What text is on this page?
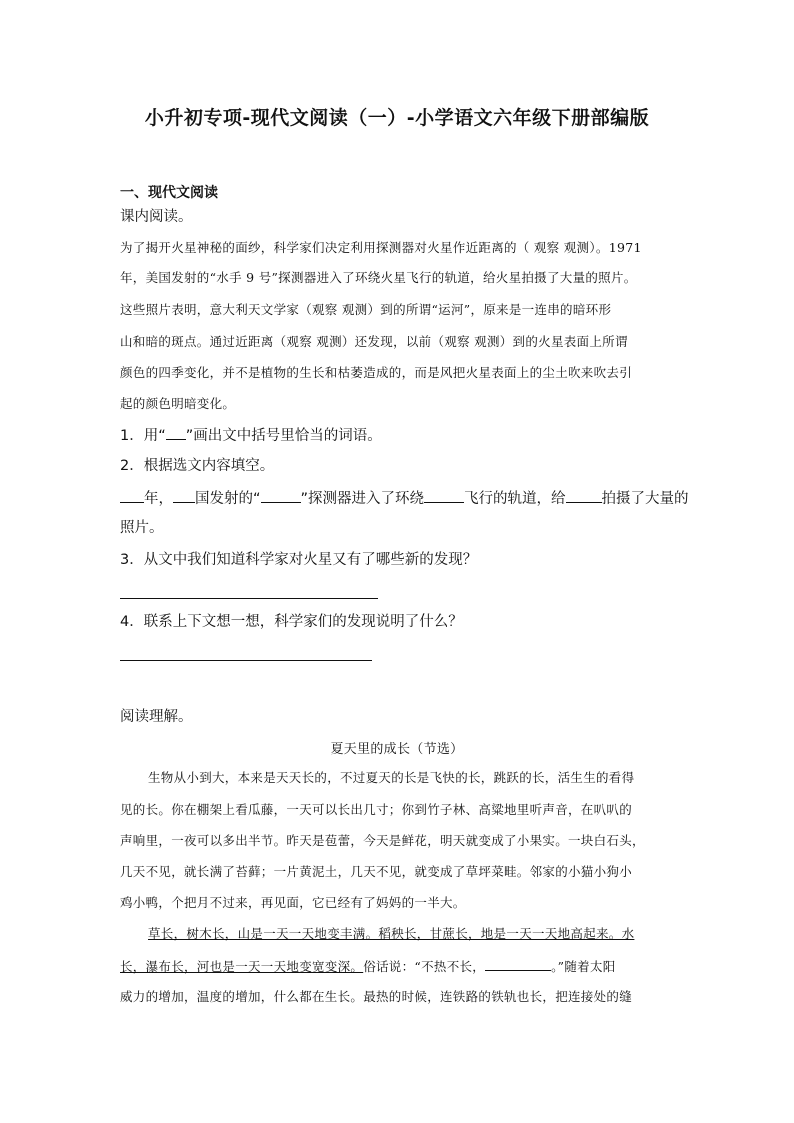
小升初专项-现代文阅读（一）-小学语文六年级下册部编版
一、现代文阅读
课内阅读。
为了揭开火星神秘的面纱，科学家们决定利用探测器对火星作近距离的（ 观察 观测）。1971
年，美国发射的“水手 9 号”探测器进入了环绕火星飞行的轨道，给火星拍摄了大量的照片。
这些照片表明，意大利天文学家（观察 观测）到的所谓“运河”，原来是一连串的暗环形
山和暗的斑点。通过近距离（观察 观测）还发现，以前（观察 观测）到的火星表面上所谓
颜色的四季变化，并不是植物的生长和枯萎造成的，而是风把火星表面上的尘土吹来吹去引
起的颜色明暗变化。
1．用“ ”画出文中括号里恰当的词语。
2．根据选文内容填空。
年， 国发射的“	”探测器进入了环绕	飞行的轨道，给 拍摄了大量的
照片。
3．从文中我们知道科学家对火星又有了哪些新的发现？
4．联系上下文想一想，科学家们的发现说明了什么？
阅读理解。
夏天里的成长（节选）
生物从小到大，本来是天天长的，不过夏天的长是飞快的长，跳跃的长，活生生的看得
见的长。你在棚架上看瓜藤，一天可以长出几寸；你到竹子林、高粱地里听声音，在叭叭的
声响里，一夜可以多出半节。昨天是苞蕾，今天是鲜花，明天就变成了小果实。一块白石头，
几天不见，就长满了苔藓；一片黄泥土，几天不见，就变成了草坪菜畦。邻家的小猫小狗小
鸡小鸭，个把月不过来，再见面，它已经有了妈妈的一半大。
草长，树木长，山是一天一天地变丰满。稻秧长，甘蔗长，地是一天一天地高起来。水
长，瀑布长，河也是一天一天地变宽变深。俗话说：“不热不长，	。”随着太阳
威力的增加，温度的增加，什么都在生长。最热的时候，连铁路的铁轨也长，把连接处的缝
